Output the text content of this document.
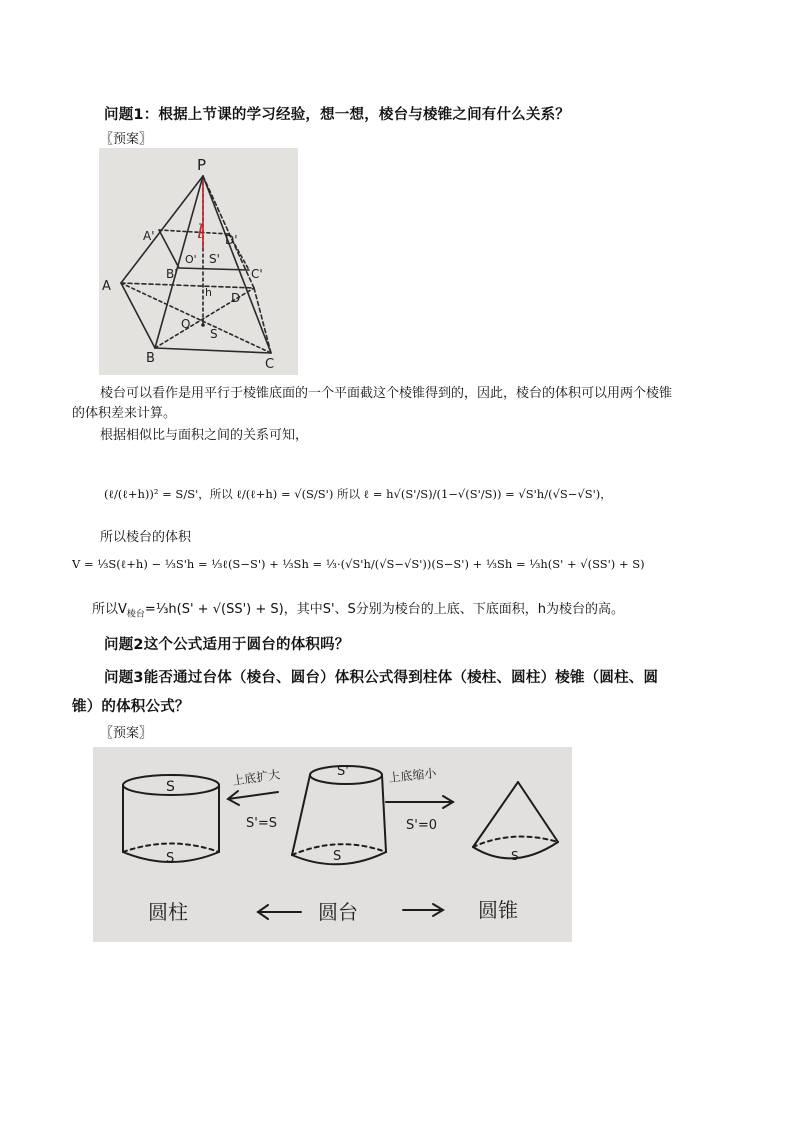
问题1：根据上节课的学习经验，想一想，棱台与棱锥之间有什么关系？
〖预案〗
P
A'	D'
l
O' S'
B'	C'
A	h D
O
S
B	C
棱台可以看作是用平行于棱锥底面的一个平面截这个棱锥得到的，因此，棱台的体积可以用两个棱锥
的体积差来计算。
根据相似比与面积之间的关系可知，
(ℓ/(ℓ+h))² = S/S'，所以 ℓ/(ℓ+h) = √(S/S') 所以 ℓ = h√(S'/S)/(1−√(S'/S)) = √S'h/(√S−√S')，
所以棱台的体积
V = ⅓S(ℓ+h) − ⅓S'h = ⅓ℓ(S−S') + ⅓Sh = ⅓·(√S'h/(√S−√S'))(S−S') + ⅓Sh = ⅓h(S' + √(SS') + S)
所以$V_{棱台}=\frac{1}{3}h(S' + √(SS') + S)$，其中S'、S分别为棱台的上底、下底面积，h为棱台的高。
问题2这个公式适用于圆台的体积吗？
问题3能否通过台体（棱台、圆台）体积公式得到柱体（棱柱、圆柱）棱锥（圆柱、圆
锥）的体积公式？
〖预案〗
S
S
上底扩大
S'=S
S'
S
上底缩小
S'=0
S
圆柱	圆台	圆锥
